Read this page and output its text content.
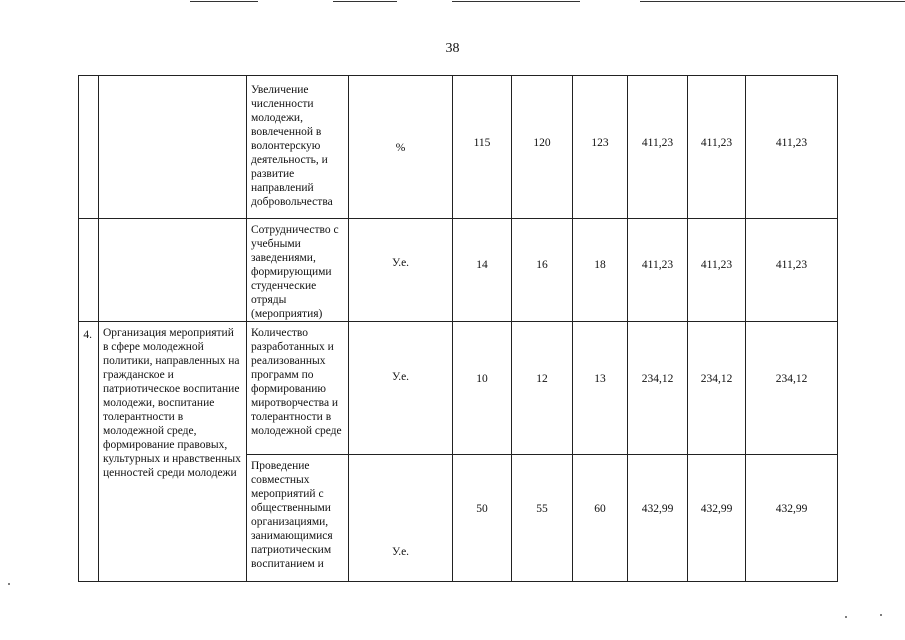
38

		Увеличение численности молодежи, вовлеченной в волонтерскую деятельность, и развитие направлений добровольчества	%	115	120	123	411,23	411,23	411,23

		Сотрудничество с учебными заведениями, формирующими студенческие отряды (мероприятия)	У.е.	14	16	18	411,23	411,23	411,23

4.	Организация мероприятий в сфере молодежной политики, направленных на гражданское и патриотическое воспитание молодежи, воспитание толерантности в молодежной среде, формирование правовых, культурных и нравственных ценностей среди молодежи	Количество разработанных и реализованных программ по формированию миротворчества и толерантности в молодежной среде	У.е.	10	12	13	234,12	234,12	234,12

		Проведение совместных мероприятий с общественными организациями, занимающимися патриотическим воспитанием и	У.е.	50	55	60	432,99	432,99	432,99
